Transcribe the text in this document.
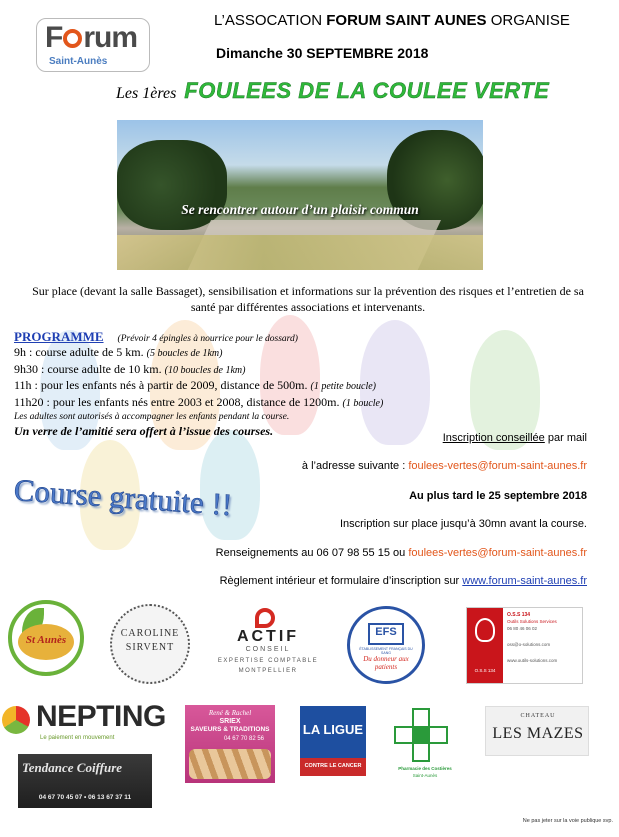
F rum
Saint-Aunès
L’ASSOCATION FORUM SAINT AUNES ORGANISE
Dimanche 30 SEPTEMBRE 2018
Les 1ères FOULEES DE LA COULEE VERTE
Se rencontrer autour d’un plaisir commun
Sur place (devant la salle Bassaget), sensibilisation et informations sur la prévention des risques et l’entretien de sa santé par différentes associations et intervenants.
PROGRAMME (Prévoir 4 épingles à nourrice pour le dossard)
9h : course adulte de 5 km. (5 boucles de 1km)
9h30 : course adulte de 10 km. (10 boucles de 1km)
11h : pour les enfants nés à partir de 2009, distance de 500m. (1 petite boucle)
11h20 : pour les enfants nés entre 2003 et 2008, distance de 1200m. (1 boucle)
Les adultes sont autorisés à accompagner les enfants pendant la course.
Un verre de l’amitié sera offert à l’issue des courses.
Course gratuite !!
Inscription conseillée par mail
à l’adresse suivante : foulees-vertes@forum-saint-aunes.fr
Au plus tard le 25 septembre 2018
Inscription sur place jusqu’à 30mn avant la course.
Renseignements au 06 07 98 55 15 ou foulees-vertes@forum-saint-aunes.fr
Règlement intérieur et formulaire d’inscription sur www.forum-saint-aunes.fr
St Aunès
CAROLINE
SIRVENT
ACTIF
CONSEIL
EXPERTISE COMPTABLE
MONTPELLIER
EFS
ÉTABLISSEMENT FRANÇAIS DU SANG
Du donneur aux patients	O.S.S 134
O.S.S 134
Outils Solutions Services
06 80 46 06 02
oss@o-solutions.com
www.outils-solutions.com
NEPTING
Le paiement en mouvement
René & Rachel
SRIEX
SAVEURS & TRADITIONS
04 67 70 82 56
LA LIGUE
CONTRE LE CANCER	Pharmacie des Costières
Saint-Aunès
CHATEAU
LES MAZES
Tendance Coiffure
04 67 70 45 07 • 06 13 67 37 11
Ne pas jeter sur la voie publique svp.
